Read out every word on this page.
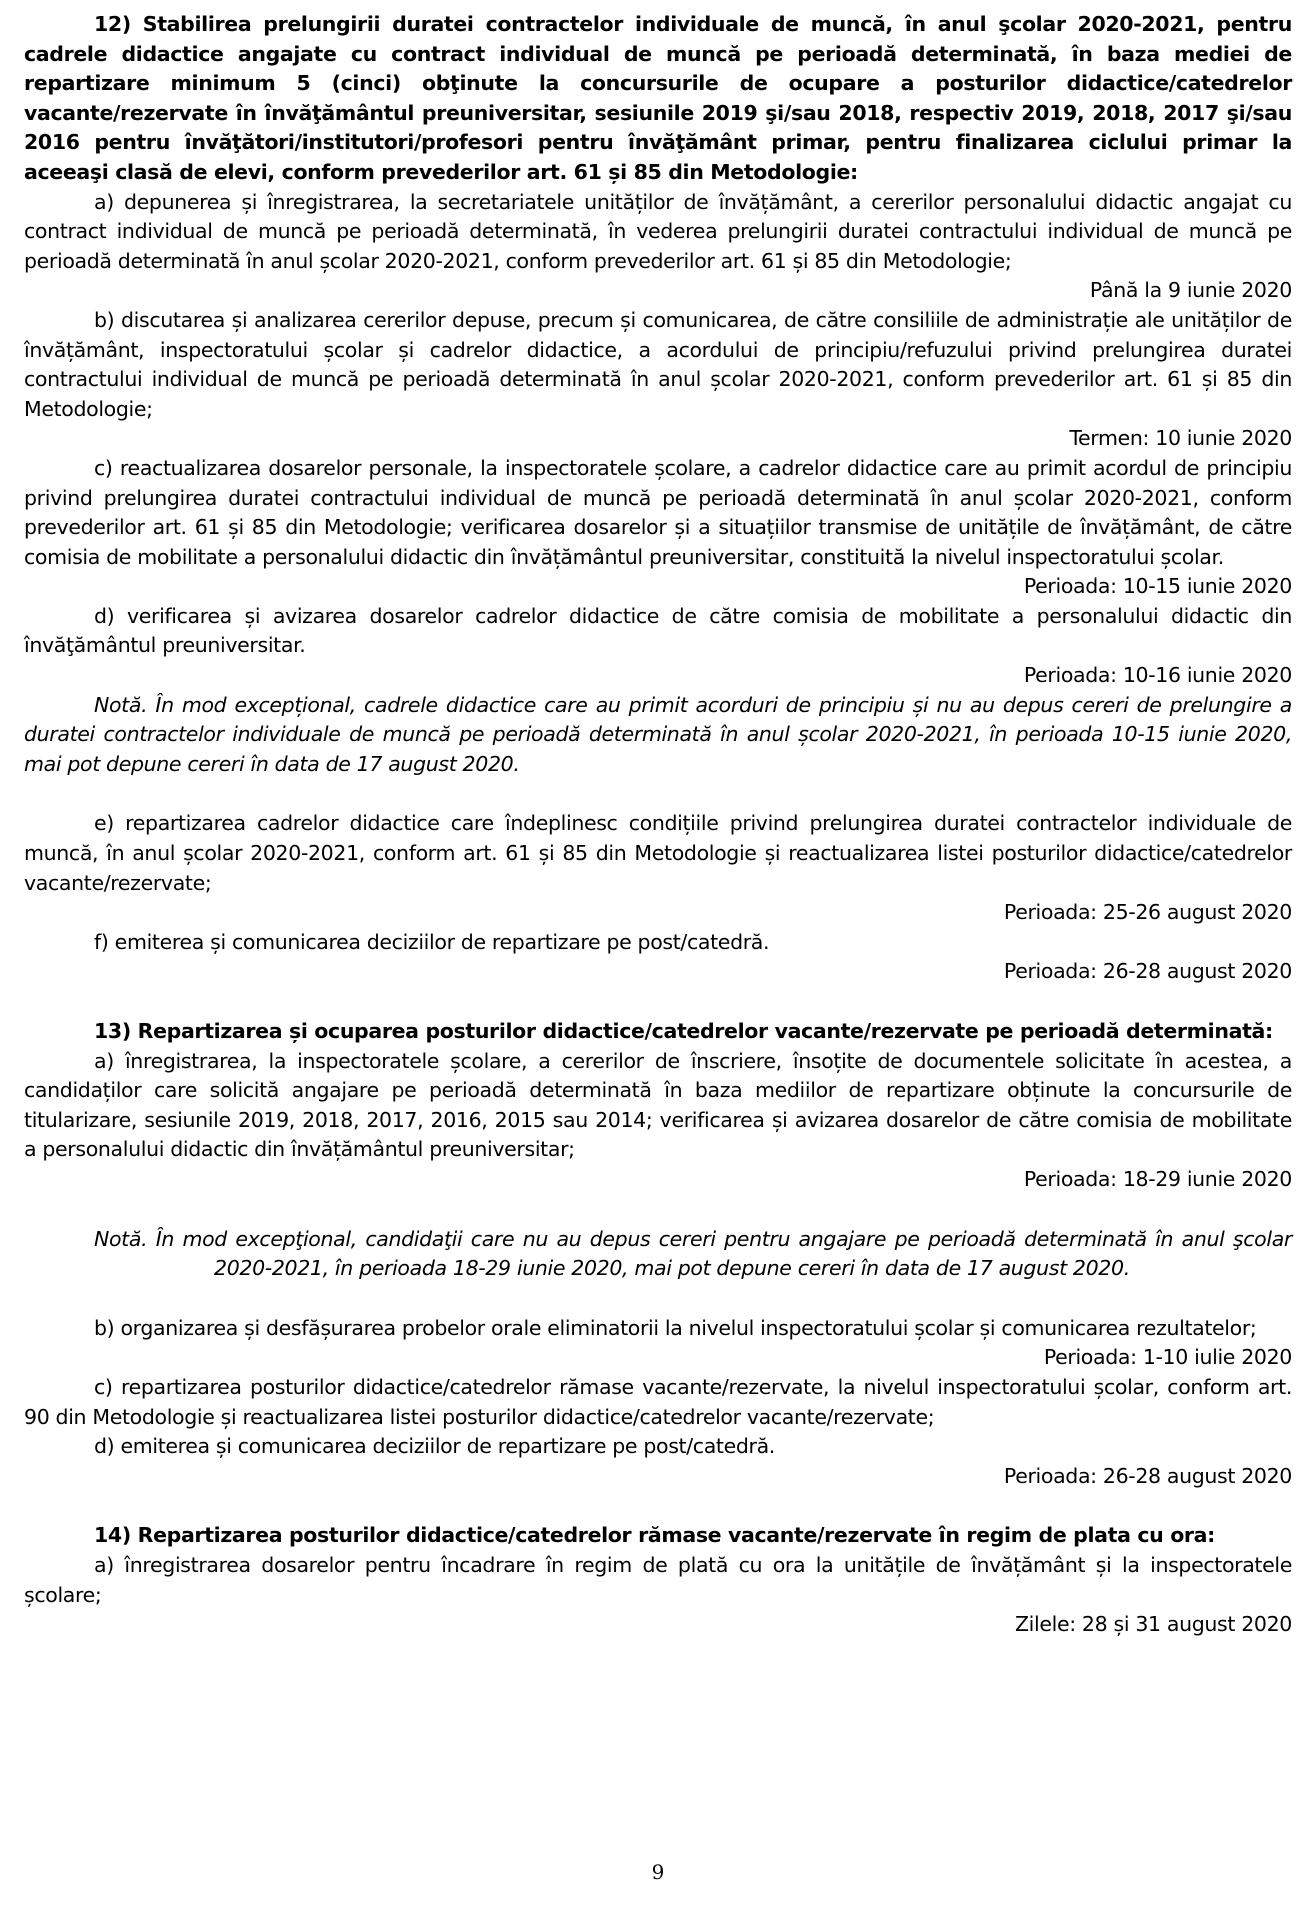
12) Stabilirea prelungirii duratei contractelor individuale de muncă, în anul şcolar 2020-2021, pentru cadrele didactice angajate cu contract individual de muncă pe perioadă determinată, în baza mediei de repartizare minimum 5 (cinci) obţinute la concursurile de ocupare a posturilor didactice/catedrelor vacante/rezervate în învăţământul preuniversitar, sesiunile 2019 şi/sau 2018, respectiv 2019, 2018, 2017 şi/sau 2016 pentru învăţători/institutori/profesori pentru învăţământ primar, pentru finalizarea ciclului primar la aceeaşi clasă de elevi, conform prevederilor art. 61 și 85 din Metodologie:

a) depunerea și înregistrarea, la secretariatele unităților de învățământ, a cererilor personalului didactic angajat cu contract individual de muncă pe perioadă determinată, în vederea prelungirii duratei contractului individual de muncă pe perioadă determinată în anul școlar 2020-2021, conform prevederilor art. 61 și 85 din Metodologie;

Până la 9 iunie 2020

b) discutarea și analizarea cererilor depuse, precum și comunicarea, de către consiliile de administrație ale unităților de învățământ, inspectoratului școlar și cadrelor didactice, a acordului de principiu/refuzului privind prelungirea duratei contractului individual de muncă pe perioadă determinată în anul școlar 2020-2021, conform prevederilor art. 61 și 85 din Metodologie;

Termen: 10 iunie 2020

c) reactualizarea dosarelor personale, la inspectoratele școlare, a cadrelor didactice care au primit acordul de principiu privind prelungirea duratei contractului individual de muncă pe perioadă determinată în anul școlar 2020-2021, conform prevederilor art. 61 și 85 din Metodologie; verificarea dosarelor și a situațiilor transmise de unitățile de învățământ, de către comisia de mobilitate a personalului didactic din învățământul preuniversitar, constituită la nivelul inspectoratului școlar.

Perioada: 10-15 iunie 2020

d) verificarea și avizarea dosarelor cadrelor didactice de către comisia de mobilitate a personalului didactic din învăţământul preuniversitar.

Perioada: 10-16 iunie 2020

Notă. În mod excepțional, cadrele didactice care au primit acorduri de principiu și nu au depus cereri de prelungire a duratei contractelor individuale de muncă pe perioadă determinată în anul școlar 2020-2021, în perioada 10-15 iunie 2020, mai pot depune cereri în data de 17 august 2020.

e) repartizarea cadrelor didactice care îndeplinesc condițiile privind prelungirea duratei contractelor individuale de muncă, în anul școlar 2020-2021, conform art. 61 și 85 din Metodologie și reactualizarea listei posturilor didactice/catedrelor vacante/rezervate;

Perioada: 25-26 august 2020

f) emiterea și comunicarea deciziilor de repartizare pe post/catedră.

Perioada: 26-28 august 2020

13) Repartizarea și ocuparea posturilor didactice/catedrelor vacante/rezervate pe perioadă determinată:

a) înregistrarea, la inspectoratele școlare, a cererilor de înscriere, însoțite de documentele solicitate în acestea, a candidaților care solicită angajare pe perioadă determinată în baza mediilor de repartizare obținute la concursurile de titularizare, sesiunile 2019, 2018, 2017, 2016, 2015 sau 2014; verificarea și avizarea dosarelor de către comisia de mobilitate a personalului didactic din învățământul preuniversitar;

Perioada: 18-29 iunie 2020

Notă. În mod excepţional, candidaţii care nu au depus cereri pentru angajare pe perioadă determinată în anul şcolar 2020-2021, în perioada 18-29 iunie 2020, mai pot depune cereri în data de 17 august 2020.

b) organizarea și desfășurarea probelor orale eliminatorii la nivelul inspectoratului școlar și comunicarea rezultatelor;

Perioada: 1-10 iulie 2020

c) repartizarea posturilor didactice/catedrelor rămase vacante/rezervate, la nivelul inspectoratului școlar, conform art. 90 din Metodologie și reactualizarea listei posturilor didactice/catedrelor vacante/rezervate;

d) emiterea și comunicarea deciziilor de repartizare pe post/catedră.

Perioada: 26-28 august 2020

14) Repartizarea posturilor didactice/catedrelor rămase vacante/rezervate în regim de plata cu ora:

a) înregistrarea dosarelor pentru încadrare în regim de plată cu ora la unitățile de învățământ și la inspectoratele școlare;

Zilele: 28 și 31 august 2020

9
